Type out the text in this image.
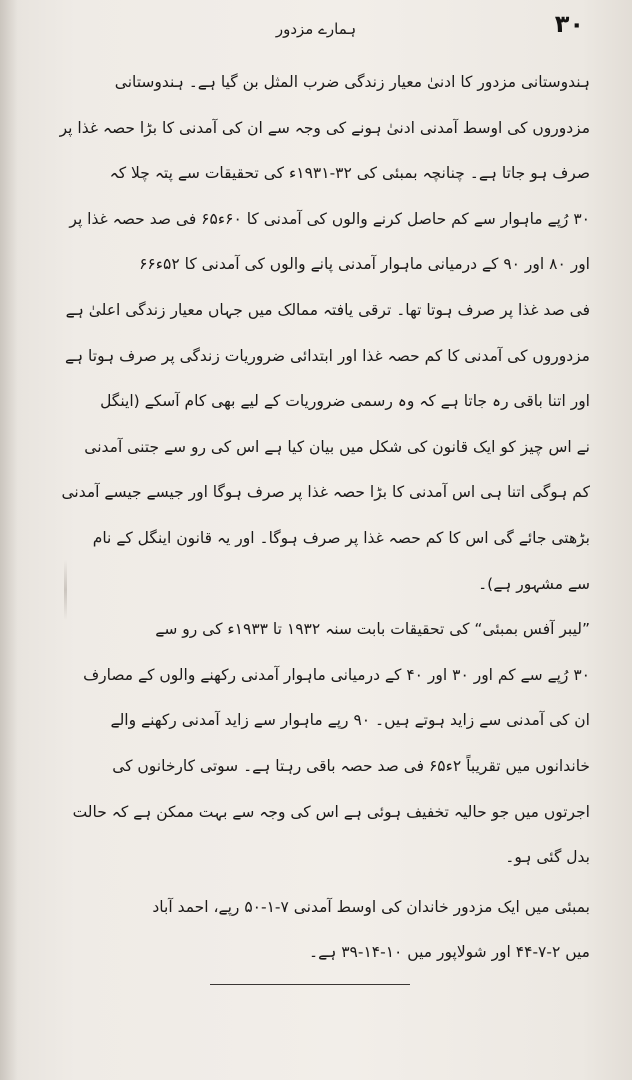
ہمارے مزدور	۳۰
ہندوستانی مزدور کا ادنیٰ معیار زندگی ضرب المثل بن گیا ہے۔ ہندوستانی
مزدوروں کی اوسط آمدنی ادنیٰ ہونے کی وجہ سے ان کی آمدنی کا بڑا حصہ غذا پر
صرف ہو جاتا ہے۔ چنانچہ بمبئی کی ۳۲-۱۹۳۱ء کی تحقیقات سے پتہ چلا کہ
۳۰ رُپے ماہوار سے کم حاصل کرنے والوں کی آمدنی کا ۶۰ء۶۵ فی صد حصہ غذا پر
اور ۸۰ اور ۹۰ کے درمیانی ماہوار آمدنی پانے والوں کی آمدنی کا ۵۲ء۶۶
فی صد غذا پر صرف ہوتا تھا۔ ترقی یافتہ ممالک میں جہاں معیار زندگی اعلیٰ ہے
مزدوروں کی آمدنی کا کم حصہ غذا اور ابتدائی ضروریات زندگی پر صرف ہوتا ہے
اور اتنا باقی رہ جاتا ہے کہ وہ رسمی ضروریات کے لیے بھی کام آسکے (اینگل
نے اس چیز کو ایک قانون کی شکل میں بیان کیا ہے اس کی رو سے جتنی آمدنی
کم ہوگی اتنا ہی اس آمدنی کا بڑا حصہ غذا پر صرف ہوگا اور جیسے جیسے آمدنی
بڑھتی جائے گی اس کا کم حصہ غذا پر صرف ہوگا۔ اور یہ قانون اینگل کے نام
سے مشہور ہے)۔
”لیبر آفس بمبئی“ کی تحقیقات بابت سنہ ۱۹۳۲ تا ۱۹۳۳ء کی رو سے
۳۰ رُپے سے کم اور ۳۰ اور ۴۰ کے درمیانی ماہوار آمدنی رکھنے والوں کے مصارف
ان کی آمدنی سے زاید ہوتے ہیں۔ ۹۰ رپے ماہوار سے زاید آمدنی رکھنے والے
خاندانوں میں تقریباً ۲ء۶۵ فی صد حصہ باقی رہتا ہے۔ سوتی کارخانوں کی
اجرتوں میں جو حالیہ تخفیف ہوئی ہے اس کی وجہ سے بہت ممکن ہے کہ حالت
بدل گئی ہو۔
بمبئی میں ایک مزدور خاندان کی اوسط آمدنی ۷-۱-۵۰ رپے، احمد آباد
میں ۲-۷-۴۴ اور شولاپور میں ۱۰-۱۴-۳۹ ہے۔
